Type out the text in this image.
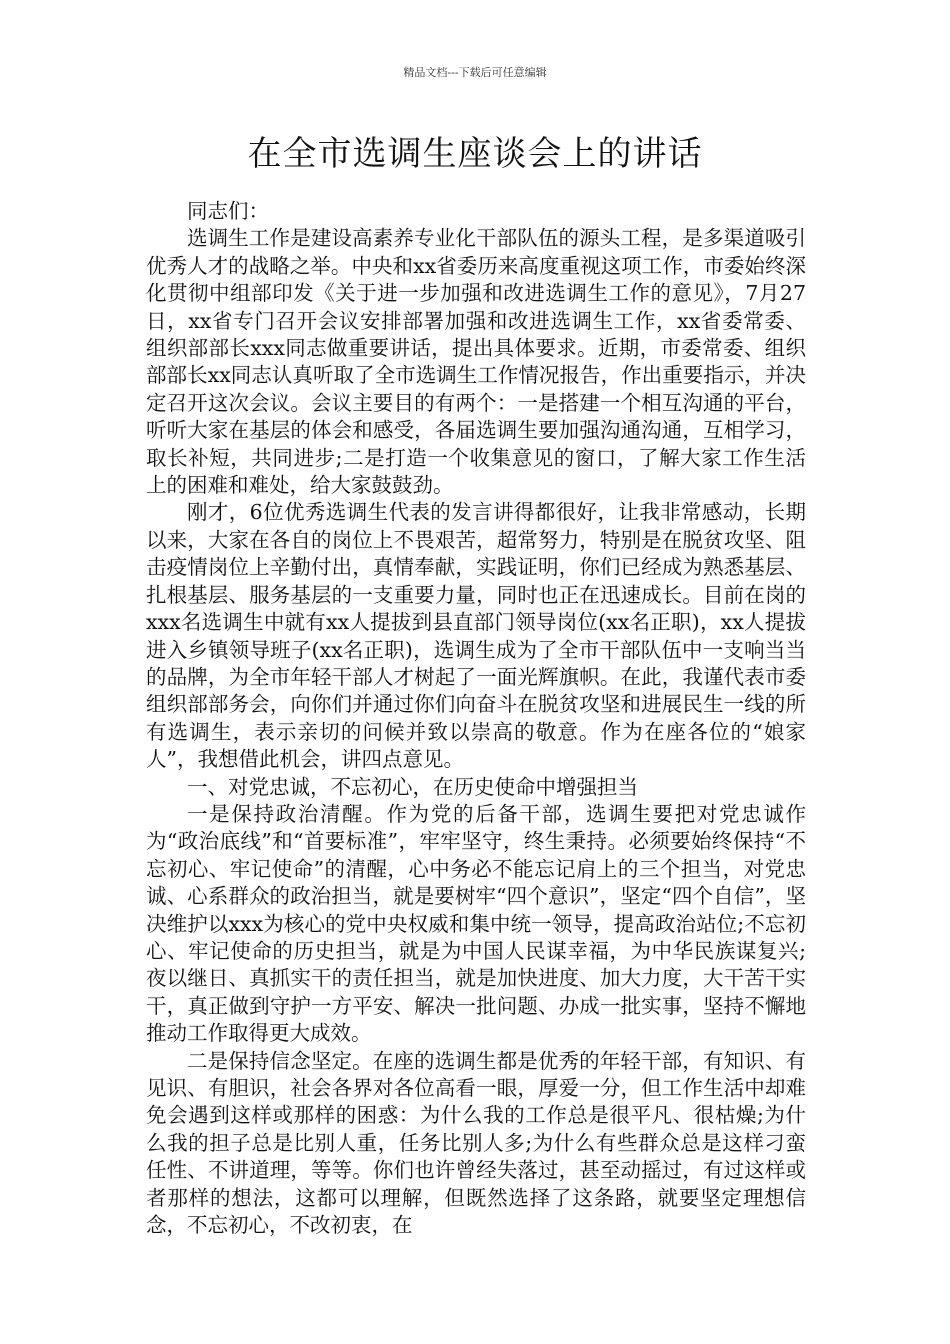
精品文档---下载后可任意编辑
在全市选调生座谈会上的讲话

同志们：

选调生工作是建设高素养专业化干部队伍的源头工程，是多渠道吸引优秀人才的战略之举。中央和xx省委历来高度重视这项工作，市委始终深化贯彻中组部印发《关于进一步加强和改进选调生工作的意见》，7月27日，xx省专门召开会议安排部署加强和改进选调生工作，xx省委常委、组织部部长xxx同志做重要讲话，提出具体要求。近期，市委常委、组织部部长xx同志认真听取了全市选调生工作情况报告，作出重要指示，并决定召开这次会议。会议主要目的有两个：一是搭建一个相互沟通的平台，听听大家在基层的体会和感受，各届选调生要加强沟通沟通，互相学习，取长补短，共同进步;二是打造一个收集意见的窗口，了解大家工作生活上的困难和难处，给大家鼓鼓劲。

刚才，6位优秀选调生代表的发言讲得都很好，让我非常感动，长期以来，大家在各自的岗位上不畏艰苦，超常努力，特别是在脱贫攻坚、阻击疫情岗位上辛勤付出，真情奉献，实践证明，你们已经成为熟悉基层、扎根基层、服务基层的一支重要力量，同时也正在迅速成长。目前在岗的xxx名选调生中就有xx人提拔到县直部门领导岗位(xx名正职)，xx人提拔进入乡镇领导班子(xx名正职)，选调生成为了全市干部队伍中一支响当当的品牌，为全市年轻干部人才树起了一面光辉旗帜。在此，我谨代表市委组织部部务会，向你们并通过你们向奋斗在脱贫攻坚和进展民生一线的所有选调生，表示亲切的问候并致以崇高的敬意。作为在座各位的“娘家人”，我想借此机会，讲四点意见。

一、对党忠诚，不忘初心，在历史使命中增强担当

一是保持政治清醒。作为党的后备干部，选调生要把对党忠诚作为“政治底线”和“首要标准”，牢牢坚守，终生秉持。必须要始终保持“不忘初心、牢记使命”的清醒，心中务必不能忘记肩上的三个担当，对党忠诚、心系群众的政治担当，就是要树牢“四个意识”，坚定“四个自信”，坚决维护以xxx为核心的党中央权威和集中统一领导，提高政治站位;不忘初心、牢记使命的历史担当，就是为中国人民谋幸福，为中华民族谋复兴;夜以继日、真抓实干的责任担当，就是加快进度、加大力度，大干苦干实干，真正做到守护一方平安、解决一批问题、办成一批实事，坚持不懈地推动工作取得更大成效。

二是保持信念坚定。在座的选调生都是优秀的年轻干部，有知识、有见识、有胆识，社会各界对各位高看一眼，厚爱一分，但工作生活中却难免会遇到这样或那样的困惑：为什么我的工作总是很平凡、很枯燥;为什么我的担子总是比别人重，任务比别人多;为什么有些群众总是这样刁蛮任性、不讲道理，等等。你们也许曾经失落过，甚至动摇过，有过这样或者那样的想法，这都可以理解，但既然选择了这条路，就要坚定理想信念，不忘初心，不改初衷，在
